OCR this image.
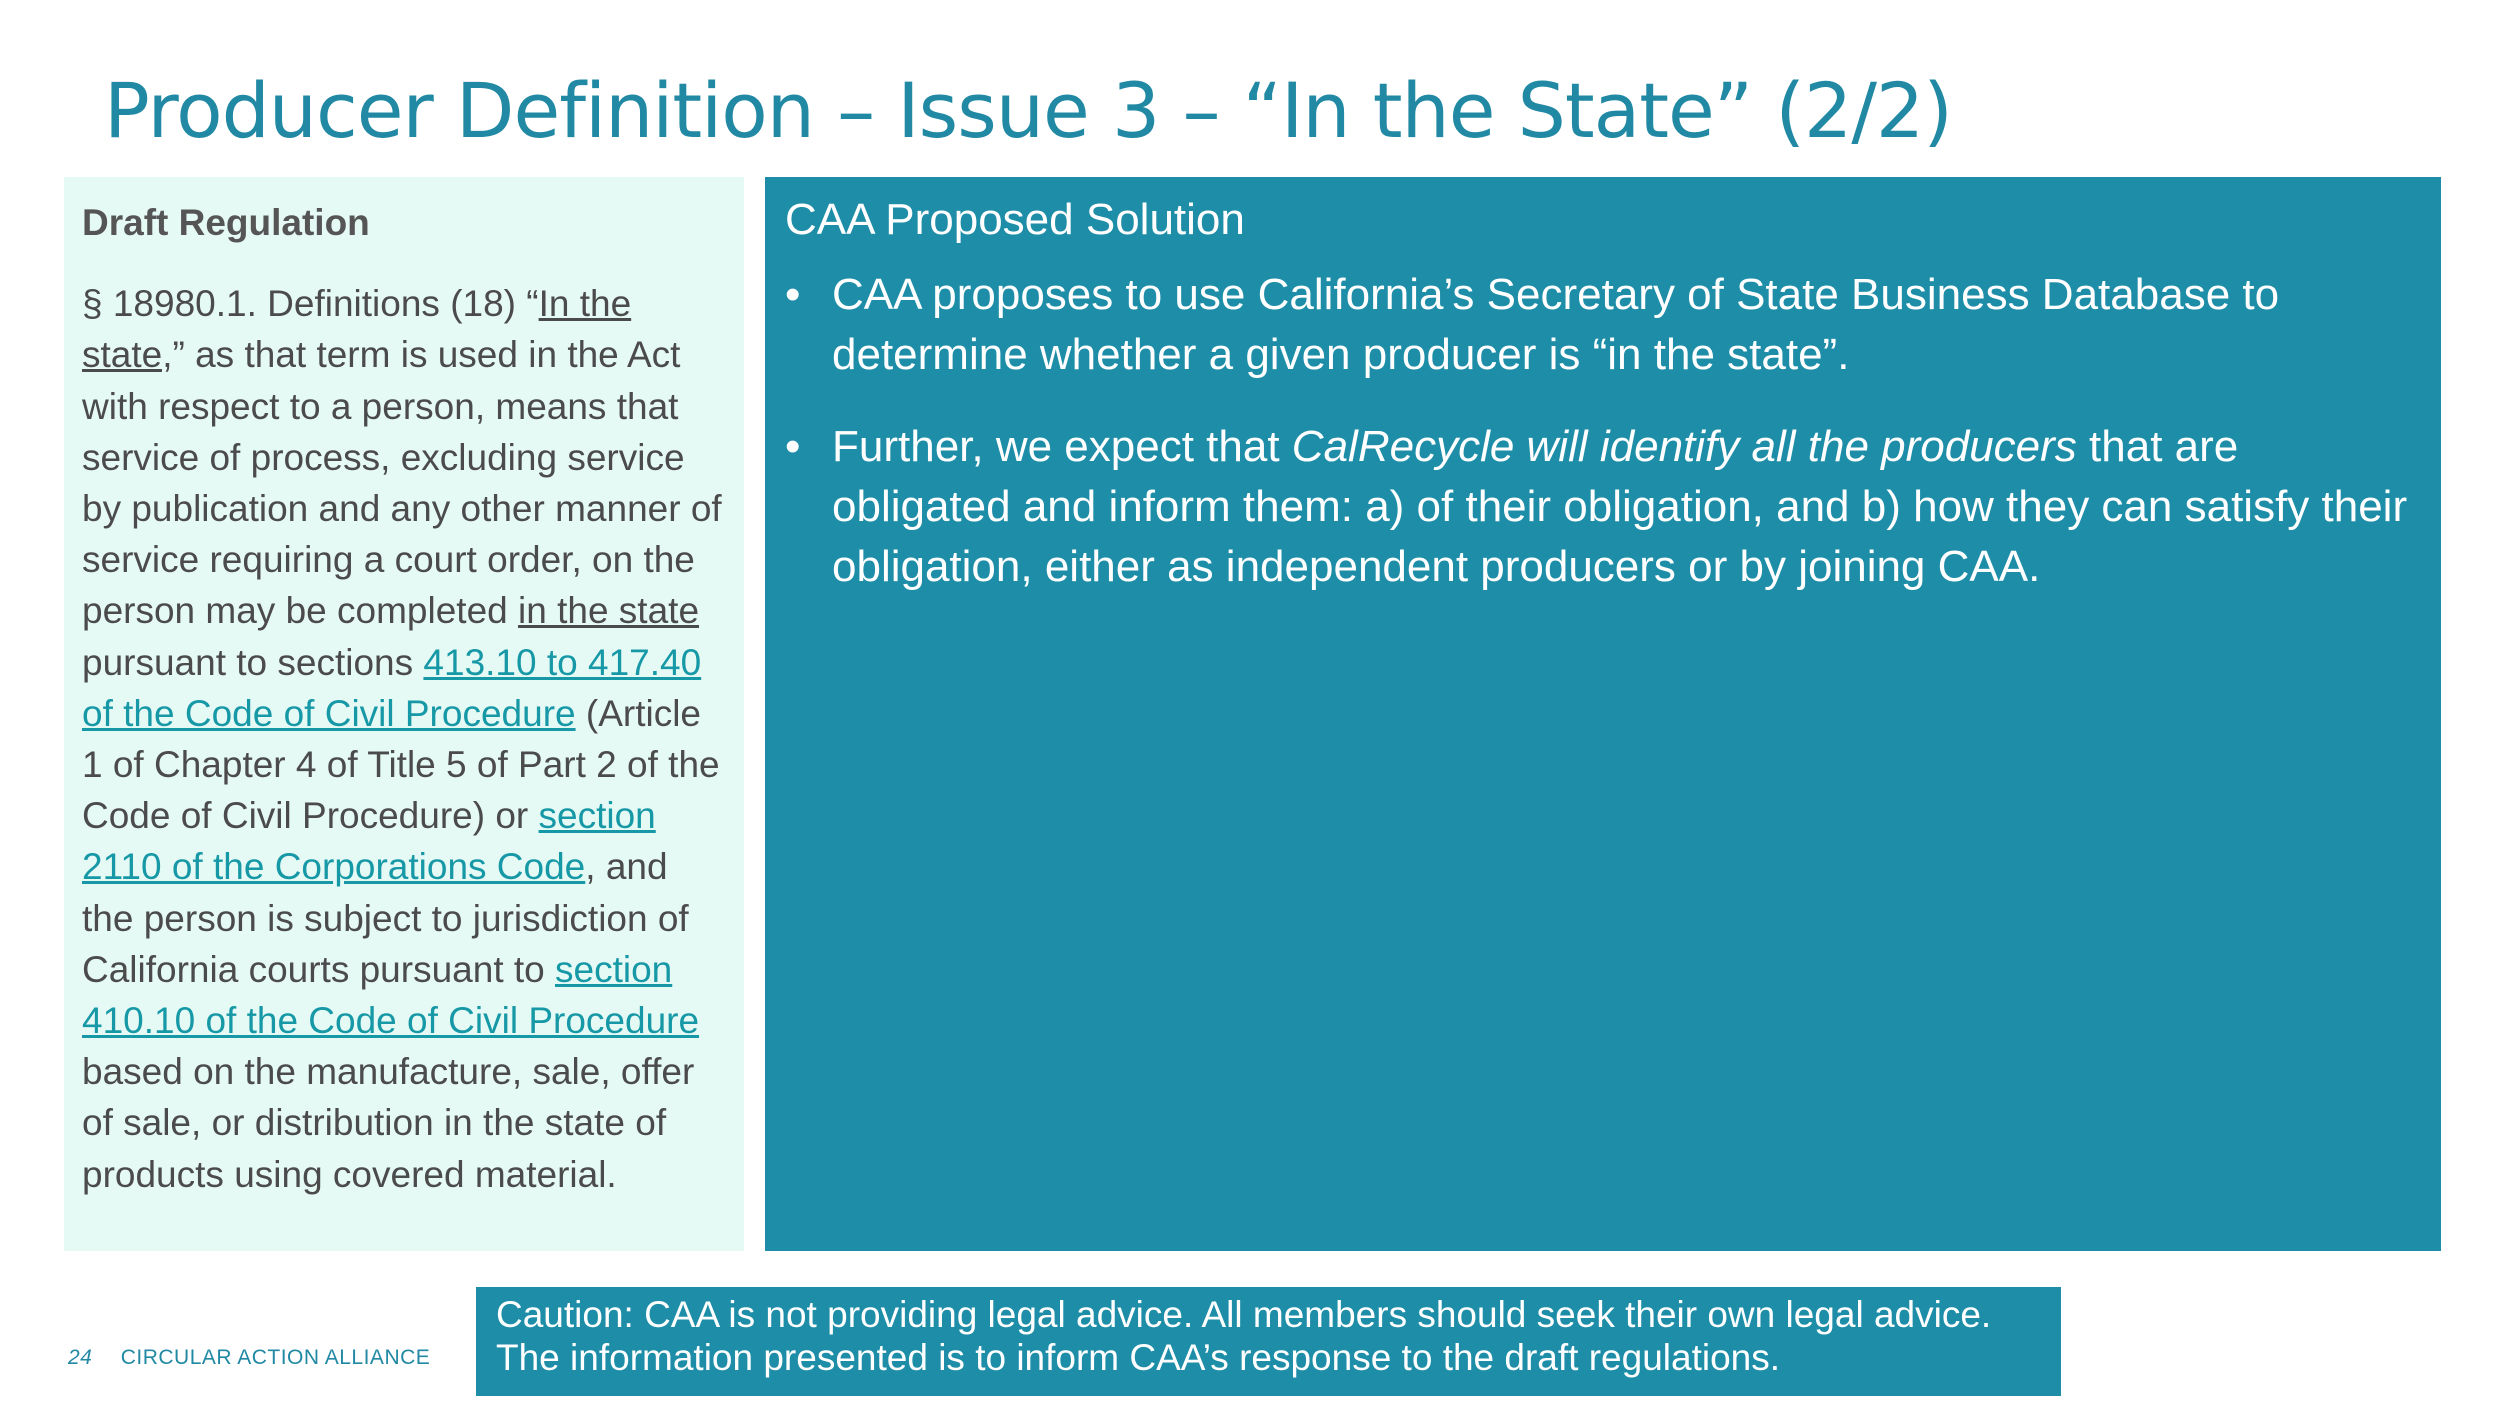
Producer Definition – Issue 3 – “In the State” (2/2)
Draft Regulation

§ 18980.1. Definitions (18) “In the state,” as that term is used in the Act with respect to a person, means that service of process, excluding service by publication and any other manner of service requiring a court order, on the person may be completed in the state pursuant to sections 413.10 to 417.40 of the Code of Civil Procedure (Article 1 of Chapter 4 of Title 5 of Part 2 of the Code of Civil Procedure) or section 2110 of the Corporations Code, and the person is subject to jurisdiction of California courts pursuant to section 410.10 of the Code of Civil Procedure based on the manufacture, sale, offer of sale, or distribution in the state of products using covered material.

CAA Proposed Solution
• CAA proposes to use California’s Secretary of State Business Database to determine whether a given producer is “in the state”.
• Further, we expect that CalRecycle will identify all the producers that are obligated and inform them: a) of their obligation, and b) how they can satisfy their obligation, either as independent producers or by joining CAA.

Caution: CAA is not providing legal advice. All members should seek their own legal advice. The information presented is to inform CAA’s response to the draft regulations.

24 CIRCULAR ACTION ALLIANCE
